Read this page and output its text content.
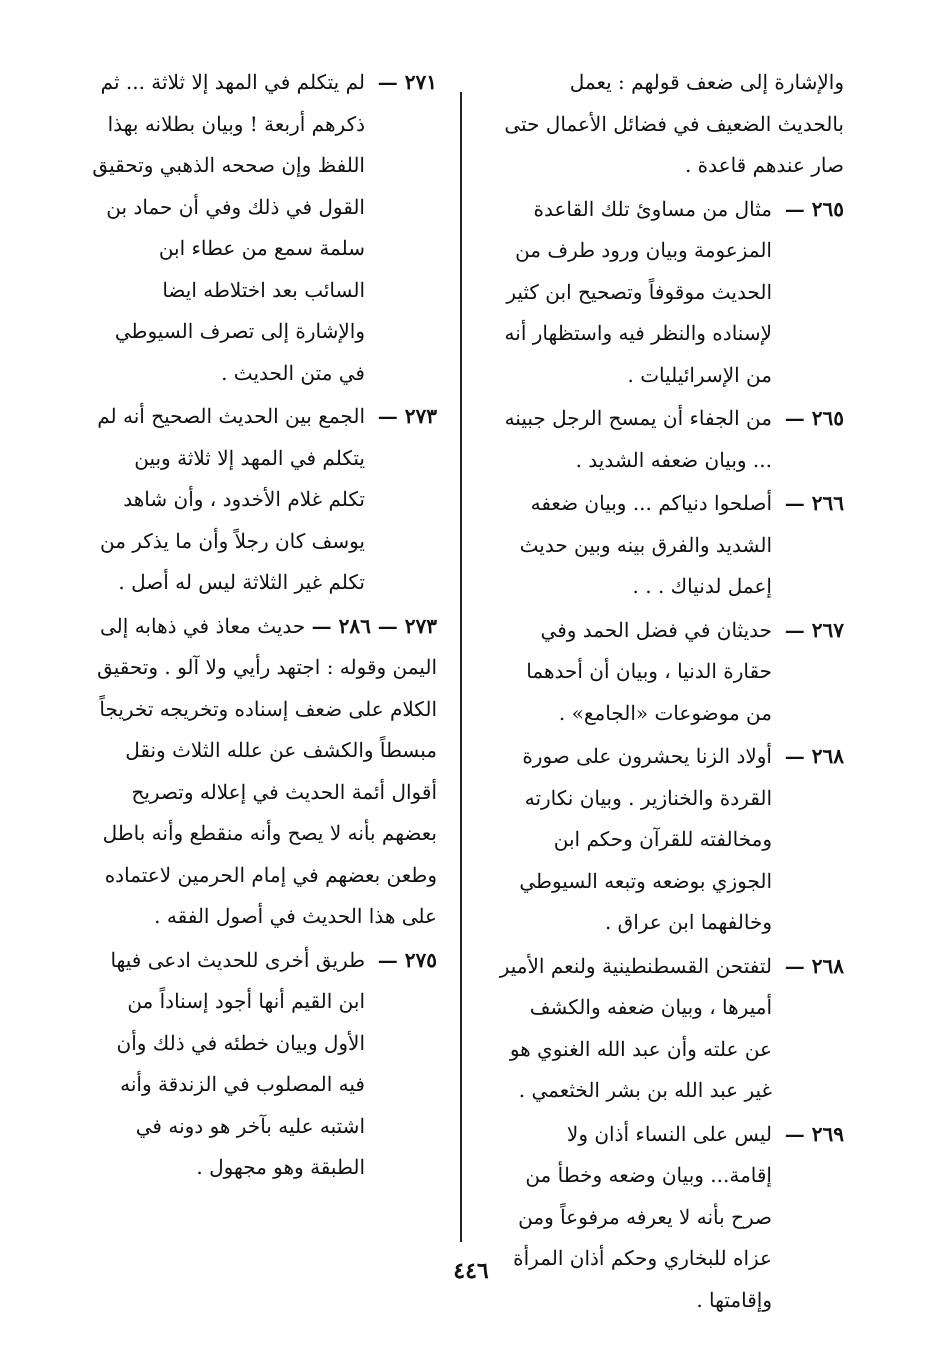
والإشارة إلى ضعف قولهم : يعمل بالحديث الضعيف في فضائل الأعمال حتى صار عندهم قاعدة .
٢٦٥ —
مثال من مساوئ تلك القاعدة المزعومة وبيان ورود طرف من الحديث موقوفاً وتصحيح ابن كثير لإسناده والنظر فيه واستظهار أنه من الإسرائيليات .
٢٦٥ —
من الجفاء أن يمسح الرجل جبينه ... وبيان ضعفه الشديد .
٢٦٦ —
أصلحوا دنياكم ... وبيان ضعفه الشديد والفرق بينه وبين حديث إعمل لدنياك . . .
٢٦٧ —
حديثان في فضل الحمد وفي حقارة الدنيا ، وبيان أن أحدهما من موضوعات «الجامع» .
٢٦٨ —
أولاد الزنا يحشرون على صورة القردة والخنازير . وبيان نكارته ومخالفته للقرآن وحكم ابن الجوزي بوضعه وتبعه السيوطي وخالفهما ابن عراق .
٢٦٨ —
لتفتحن القسطنطينية ولنعم الأمير أميرها ، وبيان ضعفه والكشف عن علته وأن عبد الله الغنوي هو غير عبد الله بن بشر الخثعمي .
٢٦٩ —
ليس على النساء أذان ولا إقامة... وبيان وضعه وخطأ من صرح بأنه لا يعرفه مرفوعاً ومن عزاه للبخاري وحكم أذان المرأة وإقامتها .
٢٧١ —
لم يتكلم في المهد إلا ثلاثة ... ثم ذكرهم أربعة ! وبيان بطلانه بهذا اللفظ وإن صححه الذهبي وتحقيق القول في ذلك وفي أن حماد بن سلمة سمع من عطاء ابن السائب بعد اختلاطه ايضا والإشارة إلى تصرف السيوطي في متن الحديث .
٢٧٣ —
الجمع بين الحديث الصحيح أنه لم يتكلم في المهد إلا ثلاثة وبين تكلم غلام الأخدود ، وأن شاهد يوسف كان رجلاً وأن ما يذكر من تكلم غير الثلاثة ليس له أصل .
٢٧٣ — ٢٨٦ — حديث معاذ في ذهابه إلى اليمن وقوله : اجتهد رأيي ولا آلو . وتحقيق الكلام على ضعف إسناده وتخريجه تخريجاً مبسطاً والكشف عن علله الثلاث ونقل أقوال أئمة الحديث في إعلاله وتصريح بعضهم بأنه لا يصح وأنه منقطع وأنه باطل وطعن بعضهم في إمام الحرمين لاعتماده على هذا الحديث في أصول الفقه .
٢٧٥ —
طريق أخرى للحديث ادعى فيها ابن القيم أنها أجود إسناداً من الأول وبيان خطئه في ذلك وأن فيه المصلوب في الزندقة وأنه اشتبه عليه بآخر هو دونه في الطبقة وهو مجهول .
٤٤٦
